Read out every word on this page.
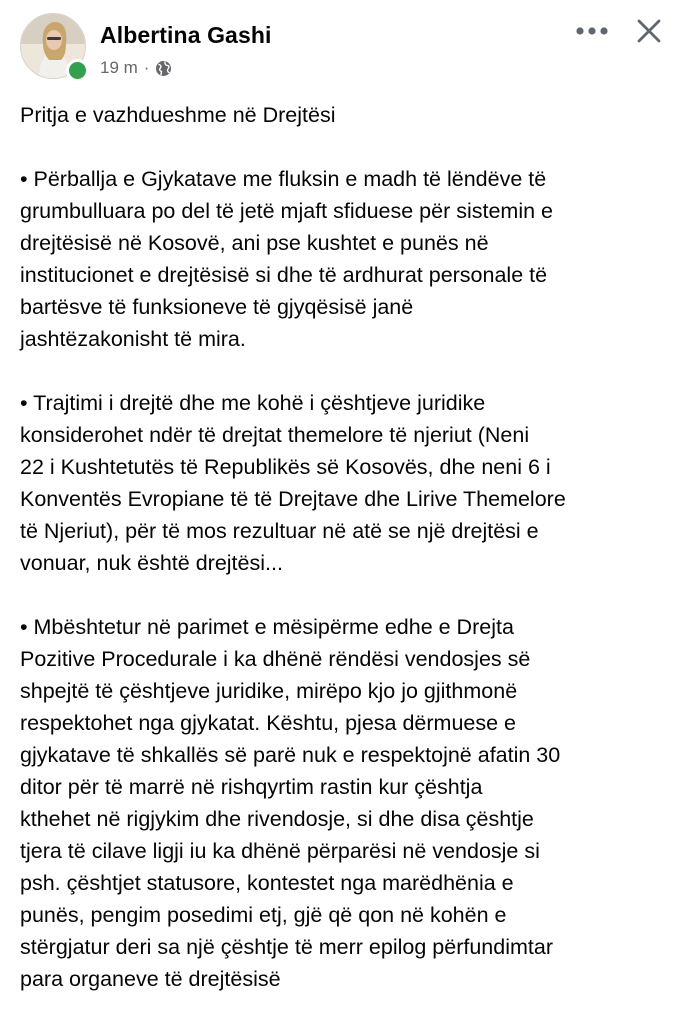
Albertina Gashi
19 m ·

Pritja e vazhdueshme në Drejtësi

• Përballja e Gjykatave me fluksin e madh të lëndëve të
grumbulluara po del të jetë mjaft sfiduese për sistemin e
drejtësisë në Kosovë, ani pse kushtet e punës në
institucionet e drejtësisë si dhe të ardhurat personale të
bartësve të funksioneve të gjyqësisë janë
jashtëzakonisht të mira.

• Trajtimi i drejtë dhe me kohë i çështjeve juridike
konsiderohet ndër të drejtat themelore të njeriut (Neni
22 i Kushtetutës të Republikës së Kosovës, dhe neni 6 i
Konventës Evropiane të të Drejtave dhe Lirive Themelore
të Njeriut), për të mos rezultuar në atë se një drejtësi e
vonuar, nuk është drejtësi...

• Mbështetur në parimet e mësipërme edhe e Drejta
Pozitive Procedurale i ka dhënë rëndësi vendosjes së
shpejtë të çështjeve juridike, mirëpo kjo jo gjithmonë
respektohet nga gjykatat. Kështu, pjesa dërmuese e
gjykatave të shkallës së parë nuk e respektojnë afatin 30
ditor për të marrë në rishqyrtim rastin kur çështja
kthehet në rigjykim dhe rivendosje, si dhe disa çështje
tjera të cilave ligji iu ka dhënë përparësi në vendosje si
psh. çështjet statusore, kontestet nga marëdhënia e
punës, pengim posedimi etj, gjë që qon në kohën e
stërgjatur deri sa një çështje të merr epilog përfundimtar
para organeve të drejtësisë
